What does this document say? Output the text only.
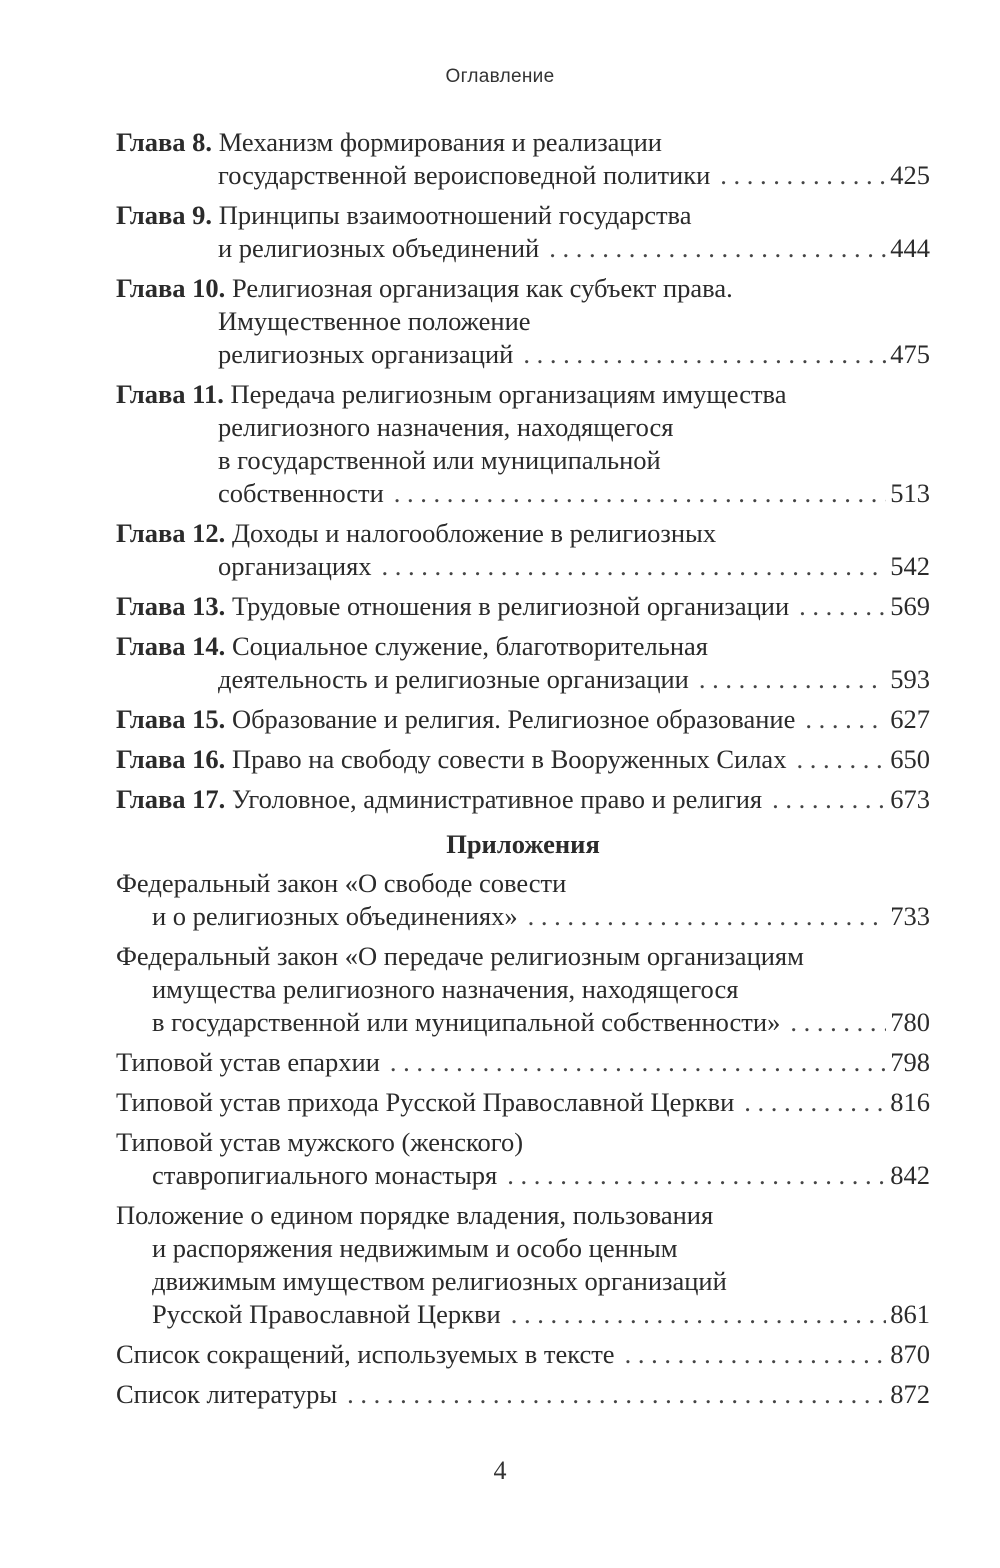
Оглавление
Глава 8. Механизм формирования и реализации
государственной вероисповедной политики . . .	425
Глава 9. Принципы взаимоотношений государства
и религиозных объединений . . .	444
Глава 10. Религиозная организация как субъект права.
Имущественное положение
религиозных организаций . . .	475
Глава 11. Передача религиозным организациям имущества
религиозного назначения, находящегося
в государственной или муниципальной
собственности . . .	513
Глава 12. Доходы и налогообложение в религиозных
организациях . . .	542
Глава 13. Трудовые отношения в религиозной организации . . .	569
Глава 14. Социальное служение, благотворительная
деятельность и религиозные организации . . .	593
Глава 15. Образование и религия. Религиозное образование . . .	627
Глава 16. Право на свободу совести в Вооруженных Силах . . .	650
Глава 17. Уголовное, административное право и религия . . .	673
Приложения
Федеральный закон «О свободе совести
и о религиозных объединениях» . . .	733
Федеральный закон «О передаче религиозным организациям
имущества религиозного назначения, находящегося
в государственной или муниципальной собственности» . . .	780
Типовой устав епархии . . .	798
Типовой устав прихода Русской Православной Церкви . . .	816
Типовой устав мужского (женского)
ставропигиального монастыря . . .	842
Положение о едином порядке владения, пользования
и распоряжения недвижимым и особо ценным
движимым имуществом религиозных организаций
Русской Православной Церкви . . .	861
Список сокращений, используемых в тексте . . .	870
Список литературы . . .	872
4
